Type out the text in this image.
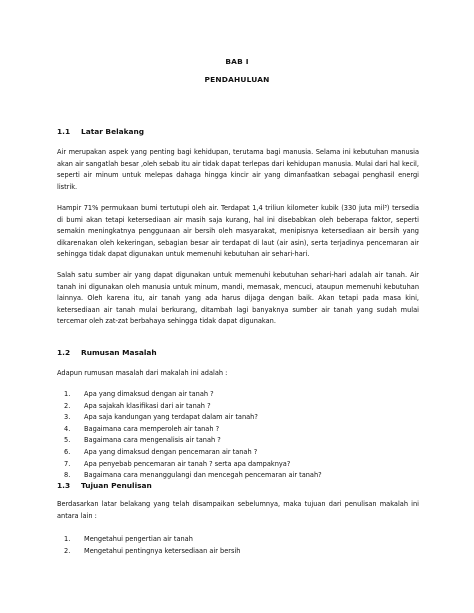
BAB I
PENDAHULUAN
1.1 Latar Belakang

Air merupakan aspek yang penting bagi kehidupan, terutama bagi manusia. Selama ini kebutuhan manusia akan air sangatlah besar ,oleh sebab itu air tidak dapat terlepas dari kehidupan manusia. Mulai dari hal kecil, seperti air minum untuk melepas dahaga hingga kincir air yang dimanfaatkan sebagai penghasil energi listrik.

Hampir 71% permukaan bumi tertutupi oleh air. Terdapat 1,4 triliun kilometer kubik (330 juta mil³) tersedia di bumi akan tetapi ketersediaan air masih saja kurang, hal ini disebabkan oleh beberapa faktor, seperti semakin meningkatnya penggunaan air bersih oleh masyarakat, menipisnya ketersediaan air bersih yang dikarenakan oleh kekeringan, sebagian besar air terdapat di laut (air asin), serta terjadinya pencemaran air sehingga tidak dapat digunakan untuk memenuhi kebutuhan air sehari-hari.

Salah satu sumber air yang dapat digunakan untuk memenuhi kebutuhan sehari-hari adalah air tanah. Air tanah ini digunakan oleh manusia untuk minum, mandi, memasak, mencuci, ataupun memenuhi kebutuhan lainnya. Oleh karena itu, air tanah yang ada harus dijaga dengan baik. Akan tetapi pada masa kini, ketersediaan air tanah mulai berkurang, ditambah lagi banyaknya sumber air tanah yang sudah mulai tercemar oleh zat-zat berbahaya sehingga tidak dapat digunakan.

1.2 Rumusan Masalah

Adapun rumusan masalah dari makalah ini adalah :

1. Apa yang dimaksud dengan air tanah ?
2. Apa sajakah klasifikasi dari air tanah ?
3. Apa saja kandungan yang terdapat dalam air tanah?
4. Bagaimana cara memperoleh air tanah ?
5. Bagaimana cara mengenalisis air tanah ?
6. Apa yang dimaksud dengan pencemaran air tanah ?
7. Apa penyebab pencemaran air tanah ? serta apa dampaknya?
8. Bagaimana cara menanggulangi dan mencegah pencemaran air tanah?
1.3 Tujuan Penulisan

Berdasarkan latar belakang yang telah disampaikan sebelumnya, maka tujuan dari penulisan makalah ini antara lain :

1. Mengetahui pengertian air tanah
2. Mengetahui pentingnya ketersediaan air bersih
